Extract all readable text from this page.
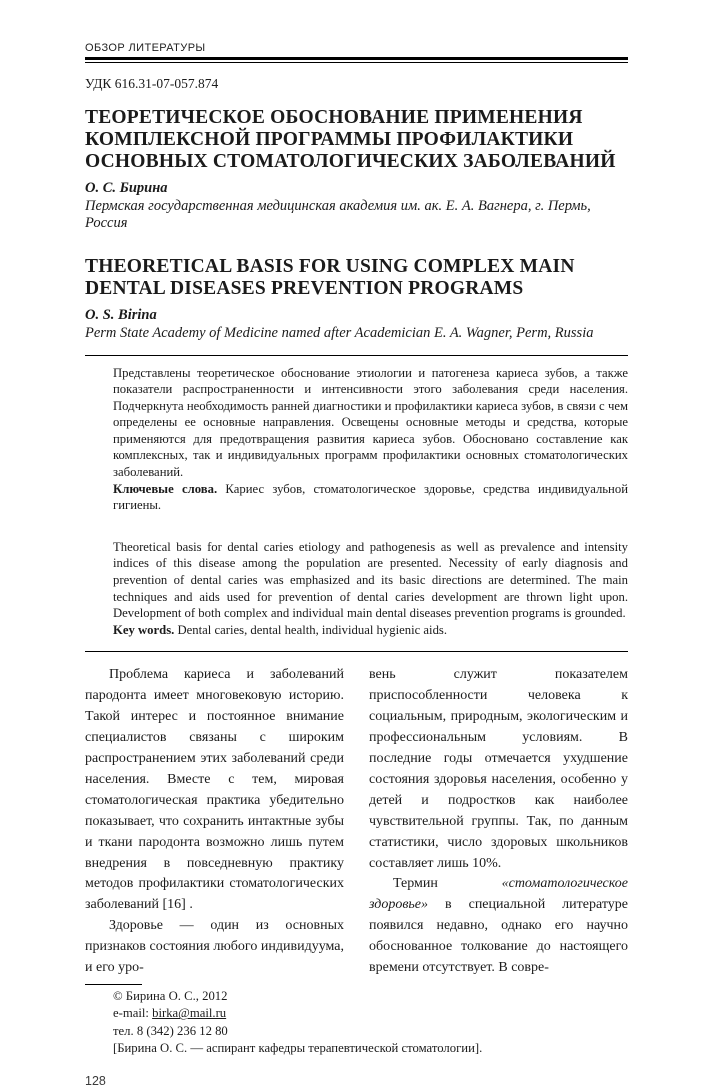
ОБЗОР ЛИТЕРАТУРЫ
УДК 616.31-07-057.874
ТЕОРЕТИЧЕСКОЕ ОБОСНОВАНИЕ ПРИМЕНЕНИЯ
КОМПЛЕКСНОЙ ПРОГРАММЫ ПРОФИЛАКТИКИ
ОСНОВНЫХ СТОМАТОЛОГИЧЕСКИХ ЗАБОЛЕВАНИЙ
О. С. Бирина
Пермская государственная медицинская академия им. ак. Е. А. Вагнера, г. Пермь, Россия
THEORETICAL BASIS FOR USING COMPLEX MAIN
DENTAL DISEASES PREVENTION PROGRAMS
O. S. Birina
Perm State Academy of Medicine named after Academician E. A. Wagner, Perm, Russia

Представлены теоретическое обоснование этиологии и патогенеза кариеса зубов, а также показатели распространенности и интенсивности этого заболевания среди населения. Подчеркнута необходимость ранней диагностики и профилактики кариеса зубов, в связи с чем определены ее основные направления. Освещены основные методы и средства, которые применяются для предотвращения развития кариеса зубов. Обосновано составление как комплексных, так и индивидуальных программ профилактики основных стоматологических заболеваний.

Ключевые слова. Кариес зубов, стоматологическое здоровье, средства индивидуальной гигиены.

Theoretical basis for dental caries etiology and pathogenesis as well as prevalence and intensity indices of this disease among the population are presented. Necessity of early diagnosis and prevention of dental caries was emphasized and its basic directions are determined. The main techniques and aids used for prevention of dental caries development are thrown light upon. Development of both complex and individual main dental diseases prevention programs is grounded.

Key words. Dental caries, dental health, individual hygienic aids.

Проблема кариеса и заболеваний пародонта имеет многовековую историю. Такой интерес и постоянное внимание специалистов связаны с широким распространением этих заболеваний среди населения. Вместе с тем, мировая стоматологическая практика убедительно показывает, что сохранить интактные зубы и ткани пародонта возможно лишь путем внедрения в повседневную практику методов профилактики стоматологических заболеваний [16] .

Здоровье — один из основных признаков состояния любого индивидуума, и его уро-

вень служит показателем приспособленности человека к социальным, природным, экологическим и профессиональным условиям. В последние годы отмечается ухудшение состояния здоровья населения, особенно у детей и подростков как наиболее чувствительной группы. Так, по данным статистики, число здоровых школьников составляет лишь 10%.

Термин «стоматологическое здоровье» в специальной литературе появился недавно, однако его научно обоснованное толкование до настоящего времени отсутствует. В совре-

© Бирина О. С., 2012
e-mail: birka@mail.ru
тел. 8 (342) 236 12 80
[Бирина О. С. — аспирант кафедры терапевтической стоматологии].
128
